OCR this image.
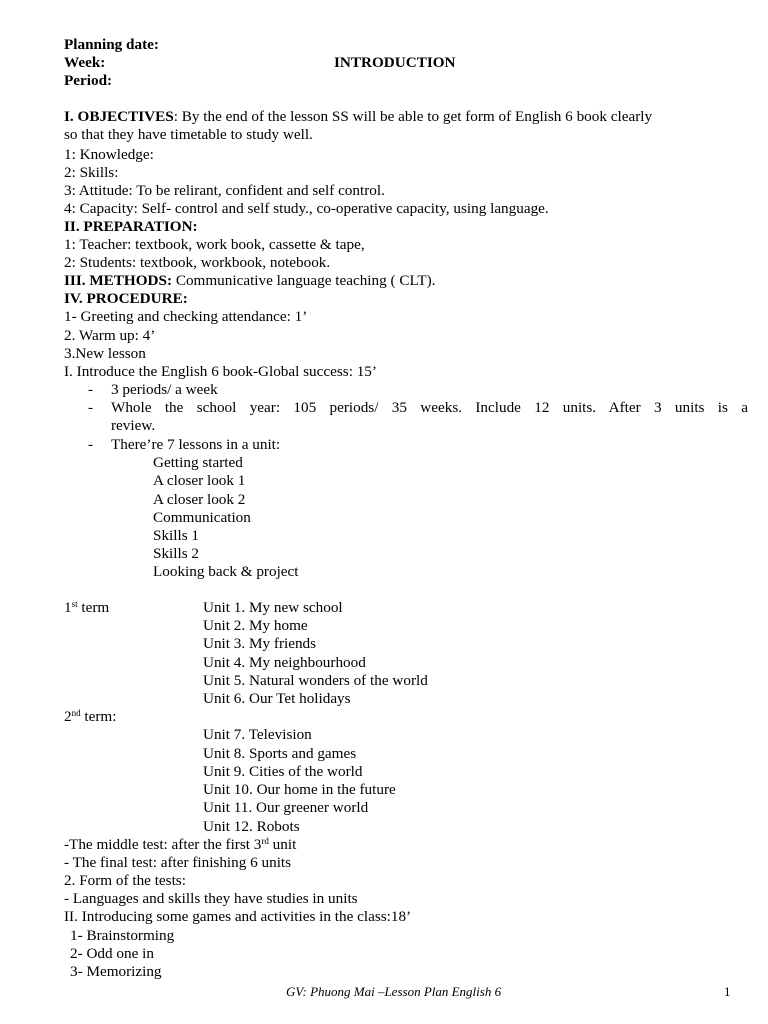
Planning date:
Week:	INTRODUCTION
Period:
I. OBJECTIVES: By the end of the lesson SS will be able to get form of English 6 book clearly
so that they have timetable to study well.
1: Knowledge:
2: Skills:
3: Attitude: To be relirant, confident and self control.
4: Capacity: Self- control and self study., co-operative capacity, using language.
II. PREPARATION:
1: Teacher: textbook, work book, cassette & tape,
2: Students: textbook, workbook, notebook.
III. METHODS: Communicative language teaching ( CLT).
IV. PROCEDURE:
1- Greeting and checking attendance: 1’
2. Warm up: 4’
3.New lesson
I. Introduce the English 6 book-Global success: 15’
- 3 periods/ a week
- Whole the school year: 105 periods/ 35 weeks. Include 12 units. After 3 units is a
review.
- There’re 7 lessons in a unit:
Getting started
A closer look 1
A closer look 2
Communication
Skills 1
Skills 2
Looking back & project
1st term	Unit 1. My new school
Unit 2. My home
Unit 3. My friends
Unit 4. My neighbourhood
Unit 5. Natural wonders of the world
Unit 6. Our Tet holidays
2nd term:
Unit 7. Television
Unit 8. Sports and games
Unit 9. Cities of the world
Unit 10. Our home in the future
Unit 11. Our greener world
Unit 12. Robots
-The middle test: after the first 3rd unit
- The final test: after finishing 6 units
2. Form of the tests:
- Languages and skills they have studies in units
II. Introducing some games and activities in the class:18’
1- Brainstorming
2- Odd one in
3- Memorizing
GV: Phuong Mai –Lesson Plan English 6	1
